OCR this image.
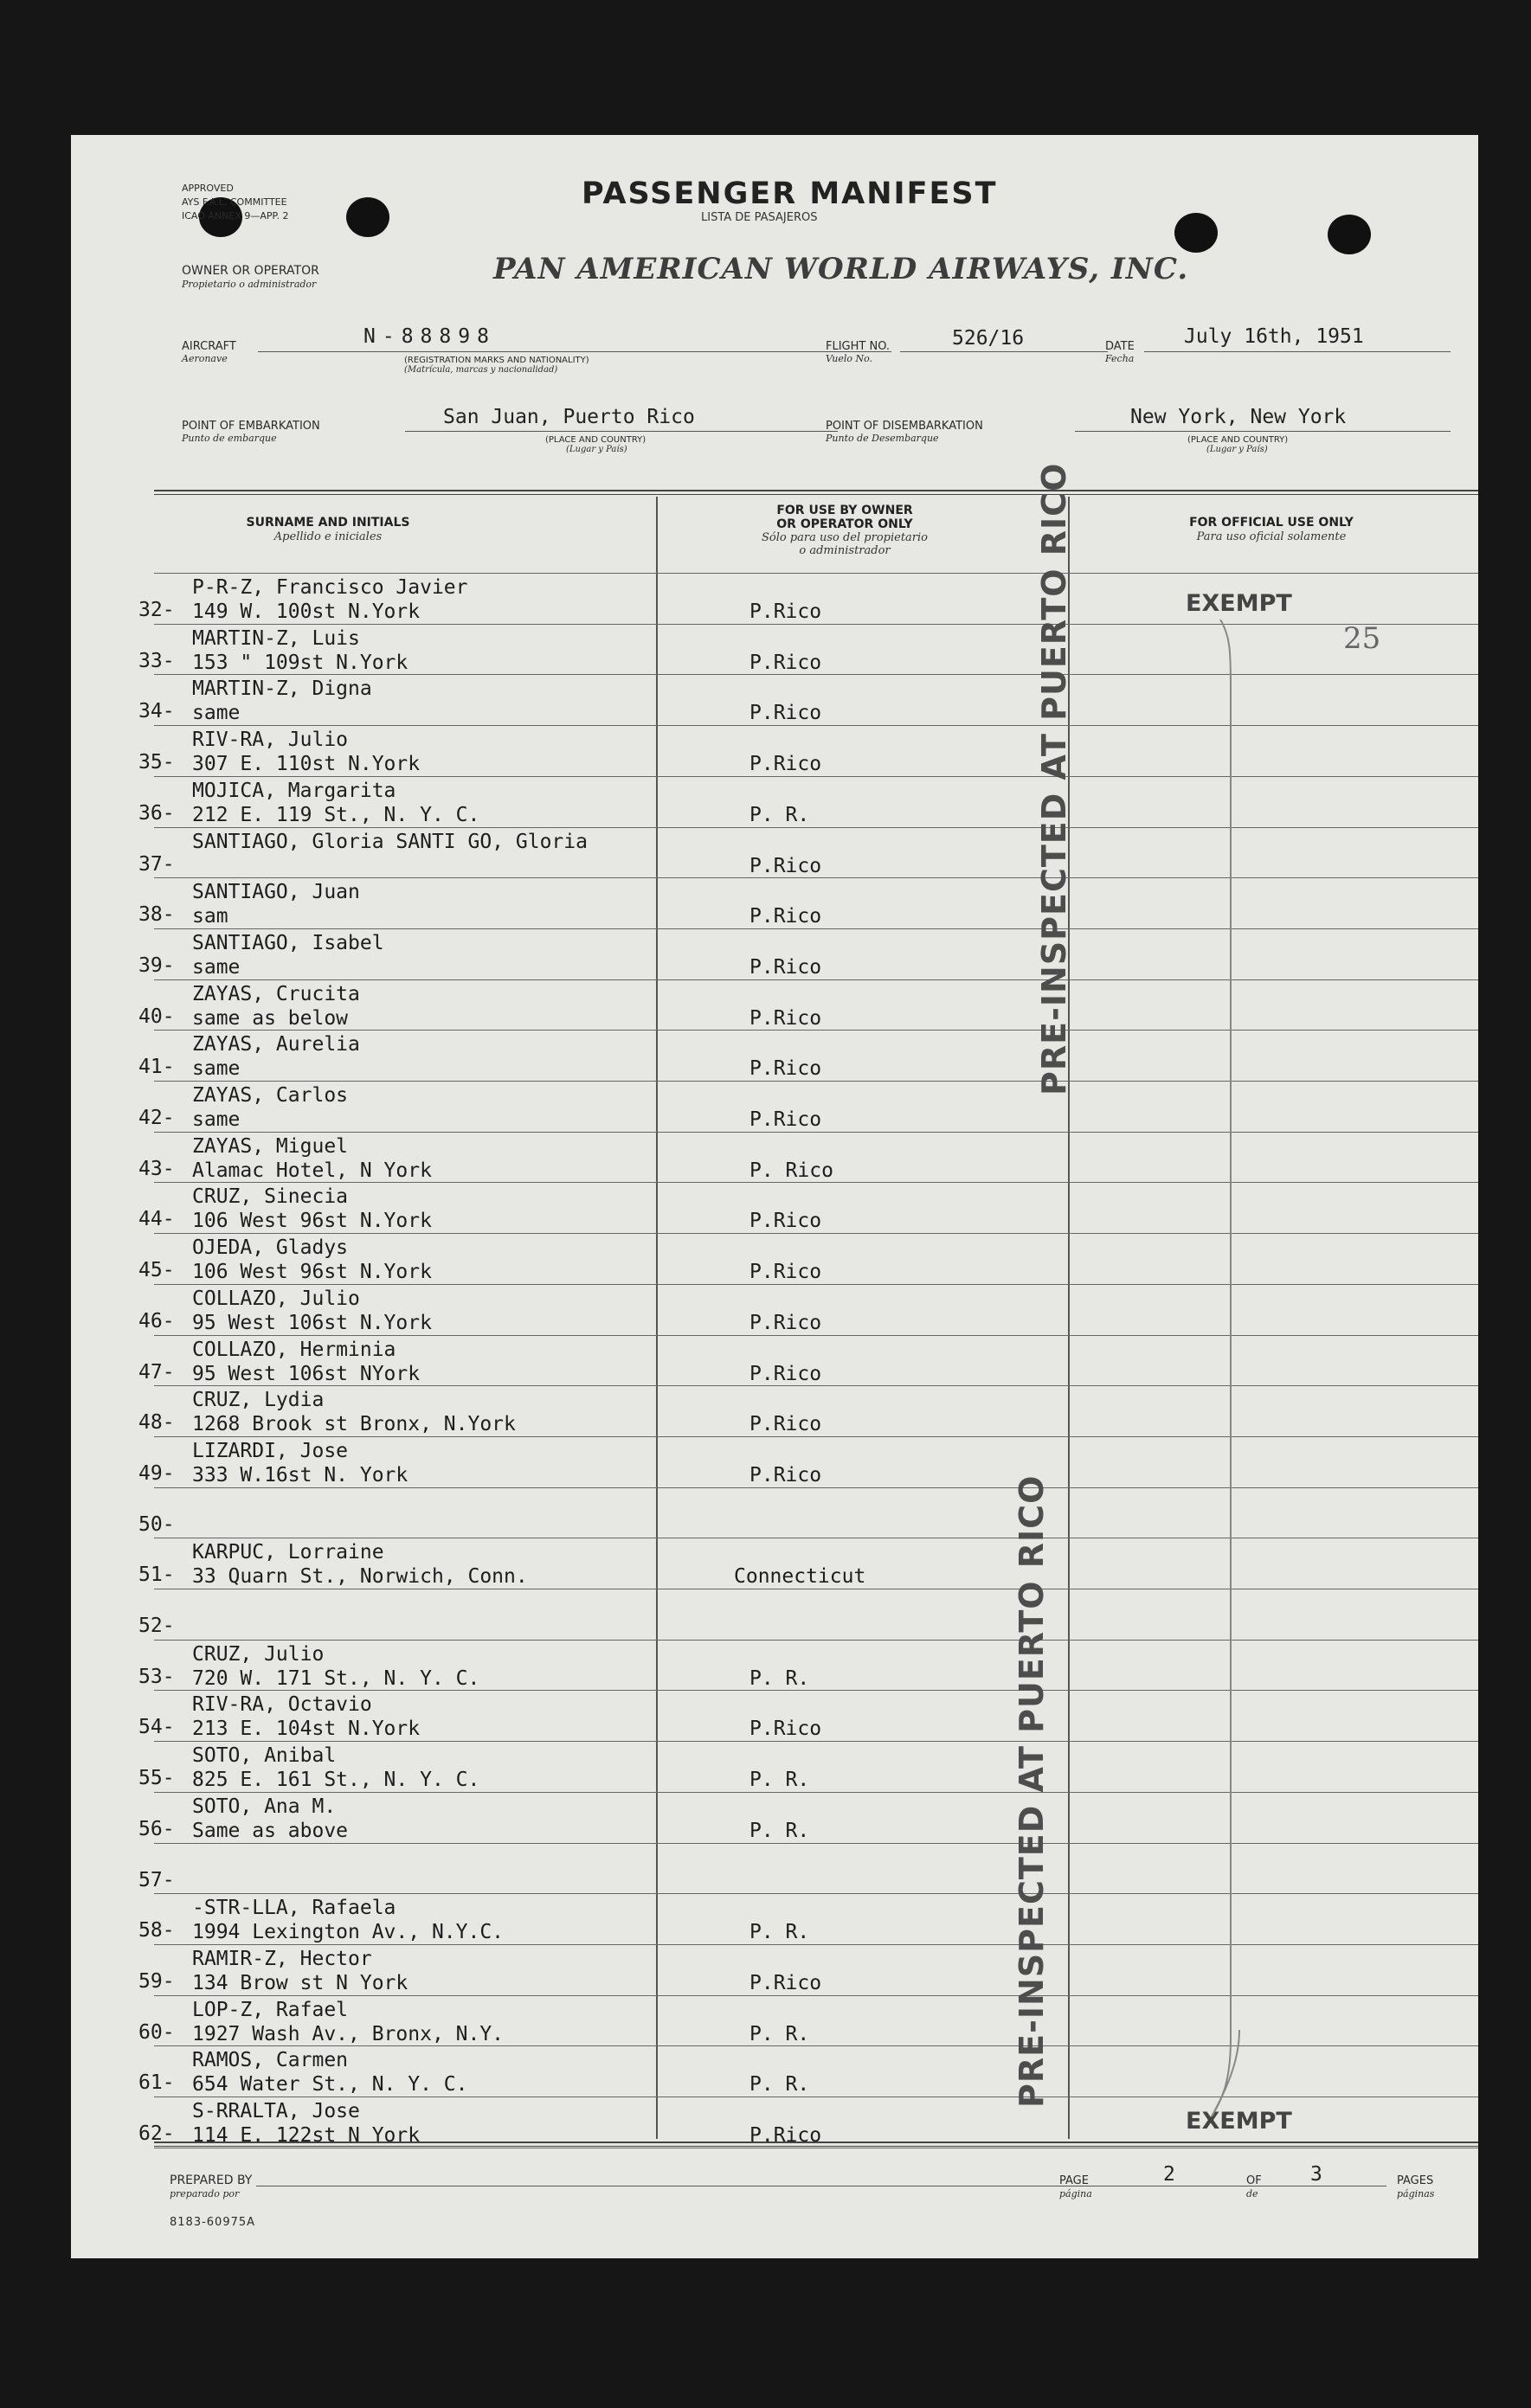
APPROVED
AYS F.A.L. COMMITTEE
ICAO ANNEX 9—APP. 2
PASSENGER MANIFEST
LISTA DE PASAJEROS
OWNER OR OPERATOR
Propietario o administrador	PAN AMERICAN WORLD AIRWAYS, INC.
AIRCRAFT
Aeronave
N-88898
(REGISTRATION MARKS AND NATIONALITY)
(Matrícula, marcas y nacionalidad)
FLIGHT NO.
Vuelo No.
526/16	DATE
Fecha
July 16th, 1951
POINT OF EMBARKATION
Punto de embarque
San Juan, Puerto Rico
(PLACE AND COUNTRY)
(Lugar y País)
POINT OF DISEMBARKATION
Punto de Desembarque
New York, New York
(PLACE AND COUNTRY)
(Lugar y País)
SURNAME AND INITIALS
Apellido e iniciales
FOR USE BY OWNER
OR OPERATOR ONLY
Sólo para uso del propietario
o administrador
FOR OFFICIAL USE ONLY
Para uso oficial solamente
32-
P-R-Z, Francisco Javier
149 W. 100st N.York	P.Rico
33-
MARTIN-Z, Luis
153 " 109st N.York	P.Rico
34-
MARTIN-Z, Digna
same	P.Rico
35-
RIV-RA, Julio
307 E. 110st N.York	P.Rico
36-
MOJICA, Margarita
212 E. 119 St., N. Y. C.	P. R.
37-
SANTIAGO, Gloria SANTI GO, Gloria
P.Rico
38-
SANTIAGO, Juan
sam	P.Rico
39-
SANTIAGO, Isabel
same	P.Rico
40-
ZAYAS, Crucita
same as below	P.Rico
41-
ZAYAS, Aurelia
same	P.Rico
42-
ZAYAS, Carlos
same	P.Rico
43-
ZAYAS, Miguel
Alamac Hotel, N York	P. Rico
44-
CRUZ, Sinecia
106 West 96st N.York	P.Rico
45-
OJEDA, Gladys
106 West 96st N.York	P.Rico
46-
COLLAZO, Julio
95 West 106st N.York	P.Rico
47-
COLLAZO, Herminia
95 West 106st NYork	P.Rico
48-
CRUZ, Lydia
1268 Brook st Bronx, N.York	P.Rico
49-
LIZARDI, Jose
333 W.16st N. York	P.Rico
50-
51-
KARPUC, Lorraine
33 Quarn St., Norwich, Conn.	Connecticut
52-
53-
CRUZ, Julio
720 W. 171 St., N. Y. C.	P. R.
54-
RIV-RA, Octavio
213 E. 104st N.York	P.Rico
55-
SOTO, Anibal
825 E. 161 St., N. Y. C.	P. R.
56-
SOTO, Ana M.
Same as above	P. R.
57-
58-
-STR-LLA, Rafaela
1994 Lexington Av., N.Y.C.	P. R.
59-
RAMIR-Z, Hector
134 Brow st N York	P.Rico
60-
LOP-Z, Rafael
1927 Wash Av., Bronx, N.Y.	P. R.
61-
RAMOS, Carmen
654 Water St., N. Y. C.	P. R.
62-
S-RRALTA, Jose
114 E. 122st N York	P.Rico
PRE-INSPECTED AT PUERTO RICO
PRE-INSPECTED AT PUERTO RICO
EXEMPT
25
EXEMPT
PREPARED BY
preparado por
PAGE
página
2	OF
de
3	PAGES
páginas
8183-60975A
